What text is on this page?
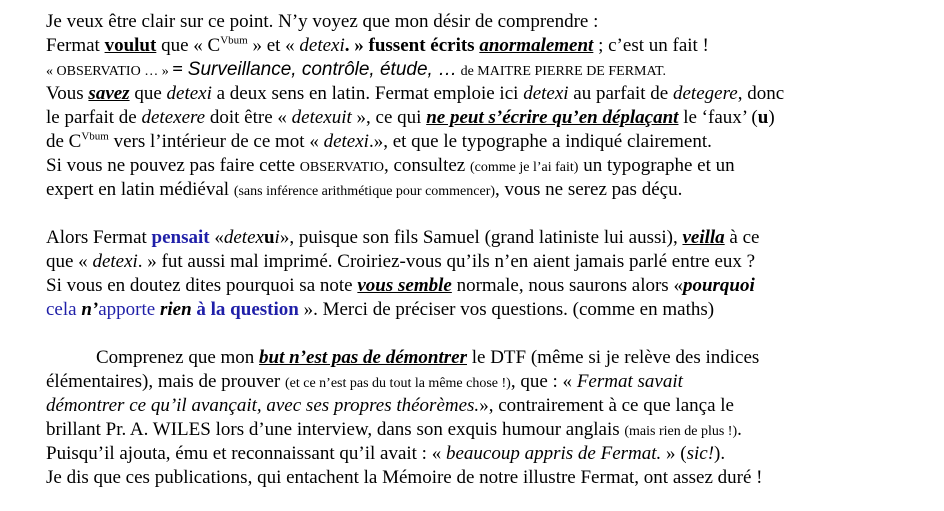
Je veux être clair sur ce point. N’y voyez que mon désir de comprendre :
Fermat voulut que « $C^{Vbum}$ » et « detexi. » fussent écrits anormalement ; c’est un fait !
« OBSERVATIO … » = Surveillance, contrôle, étude, … de MAITRE PIERRE DE FERMAT.
Vous savez que detexi a deux sens en latin. Fermat emploie ici detexi au parfait de detegere, donc
le parfait de detexere doit être « detexuit », ce qui ne peut s’écrire qu’en déplaçant le ‘faux’ (u)
de $C^{Vbum}$ vers l’intérieur de ce mot « detexi.», et que le typographe a indiqué clairement.
Si vous ne pouvez pas faire cette OBSERVATIO, consultez (comme je l’ai fait) un typographe et un
expert en latin médiéval (sans inférence arithmétique pour commencer), vous ne serez pas déçu.
Alors Fermat pensait «detexui», puisque son fils Samuel (grand latiniste lui aussi), veilla à ce
que « detexi. » fut aussi mal imprimé. Croiriez-vous qu’ils n’en aient jamais parlé entre eux ?
Si vous en doutez dites pourquoi sa note vous semble normale, nous saurons alors «pourquoi
cela n’apporte rien à la question ». Merci de préciser vos questions. (comme en maths)
Comprenez que mon but n’est pas de démontrer le DTF (même si je relève des indices
élémentaires), mais de prouver (et ce n’est pas du tout la même chose !), que : « Fermat savait
démontrer ce qu’il avançait, avec ses propres théorèmes.», contrairement à ce que lança le
brillant Pr. A. WILES lors d’une interview, dans son exquis humour anglais (mais rien de plus !).
Puisqu’il ajouta, ému et reconnaissant qu’il avait : « beaucoup appris de Fermat. » (sic!).
Je dis que ces publications, qui entachent la Mémoire de notre illustre Fermat, ont assez duré !
